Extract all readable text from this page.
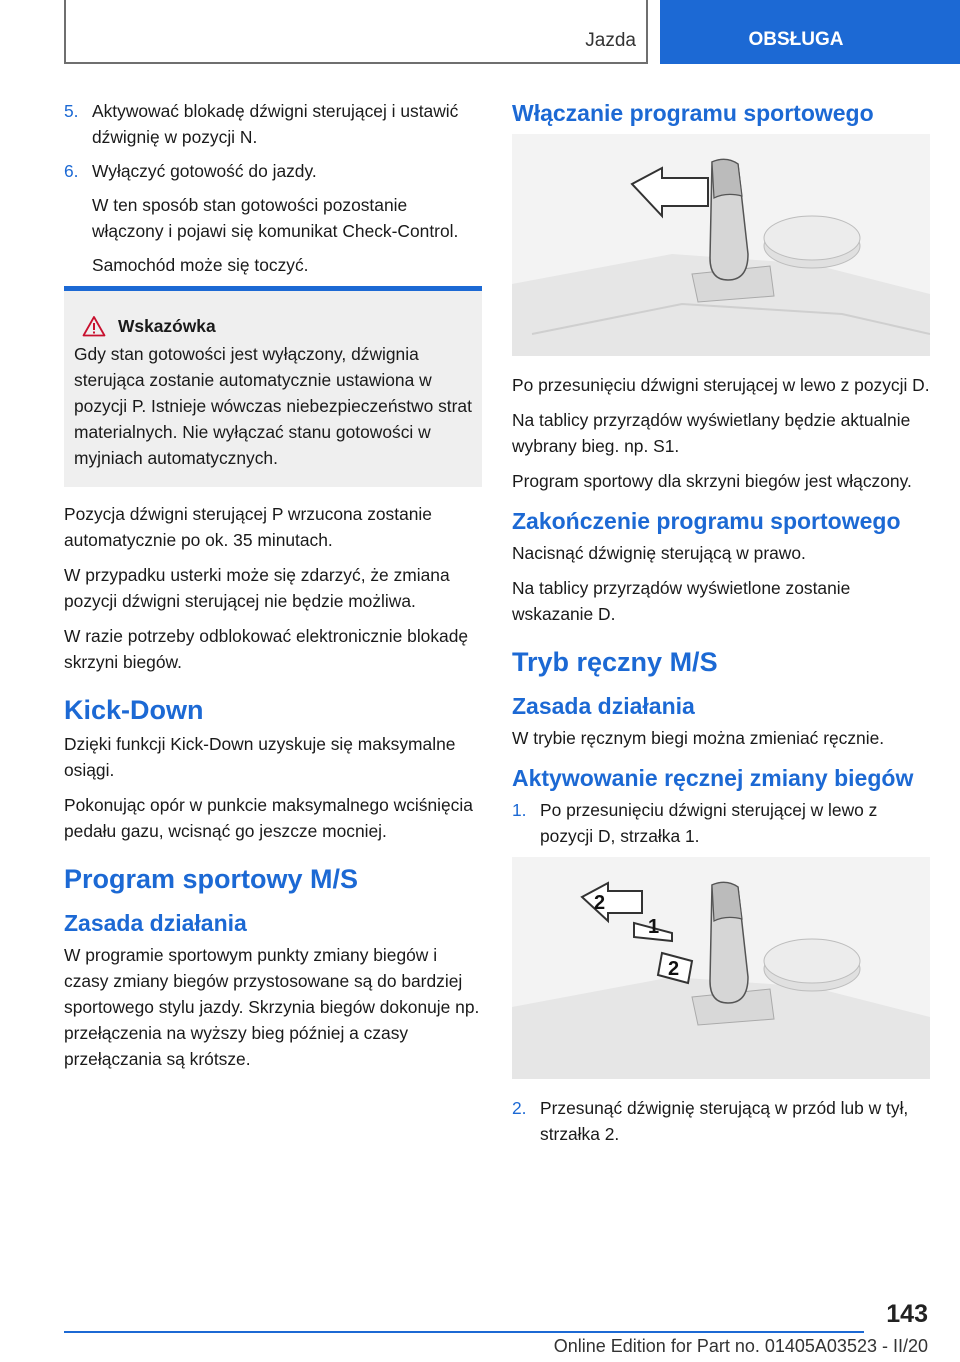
Jazda	OBSŁUGA
5. Aktywować blokadę dźwigni sterującej i ustawić dźwignię w pozycji N.

6. Wyłączyć gotowość do jazdy.

W ten sposób stan gotowości pozostanie włączony i pojawi się komunikat Check-Control.

Samochód może się toczyć.

Wskazówka

Gdy stan gotowości jest wyłączony, dźwignia sterująca zostanie automatycznie ustawiona w pozycji P. Istnieje wówczas niebezpieczeństwo strat materialnych. Nie wyłączać stanu gotowości w myjniach automatycznych.

Pozycja dźwigni sterującej P wrzucona zostanie automatycznie po ok. 35 minutach.

W przypadku usterki może się zdarzyć, że zmiana pozycji dźwigni sterującej nie będzie możliwa.

W razie potrzeby odblokować elektronicznie blokadę skrzyni biegów.

Kick-Down

Dzięki funkcji Kick-Down uzyskuje się maksymalne osiągi.

Pokonując opór w punkcie maksymalnego wciśnięcia pedału gazu, wcisnąć go jeszcze mocniej.

Program sportowy M/S
Zasada działania

W programie sportowym punkty zmiany biegów i czasy zmiany biegów przystosowane są do bardziej sportowego stylu jazdy. Skrzynia biegów dokonuje np. przełączenia na wyższy bieg później a czasy przełączania są krótsze.

Włączanie programu sportowego

Po przesunięciu dźwigni sterującej w lewo z pozycji D.

Na tablicy przyrządów wyświetlany będzie aktualnie wybrany bieg. np. S1.

Program sportowy dla skrzyni biegów jest włączony.

Zakończenie programu sportowego

Nacisnąć dźwignię sterującą w prawo.

Na tablicy przyrządów wyświetlone zostanie wskazanie D.

Tryb ręczny M/S
Zasada działania

W trybie ręcznym biegi można zmieniać ręcznie.

Aktywowanie ręcznej zmiany biegów
1. Po przesunięciu dźwigni sterującej w lewo z pozycji D, strzałka 1.

2
1
2
2. Przesunąć dźwignię sterującą w przód lub w tył, strzałka 2.

143
Online Edition for Part no. 01405A03523 - II/20
